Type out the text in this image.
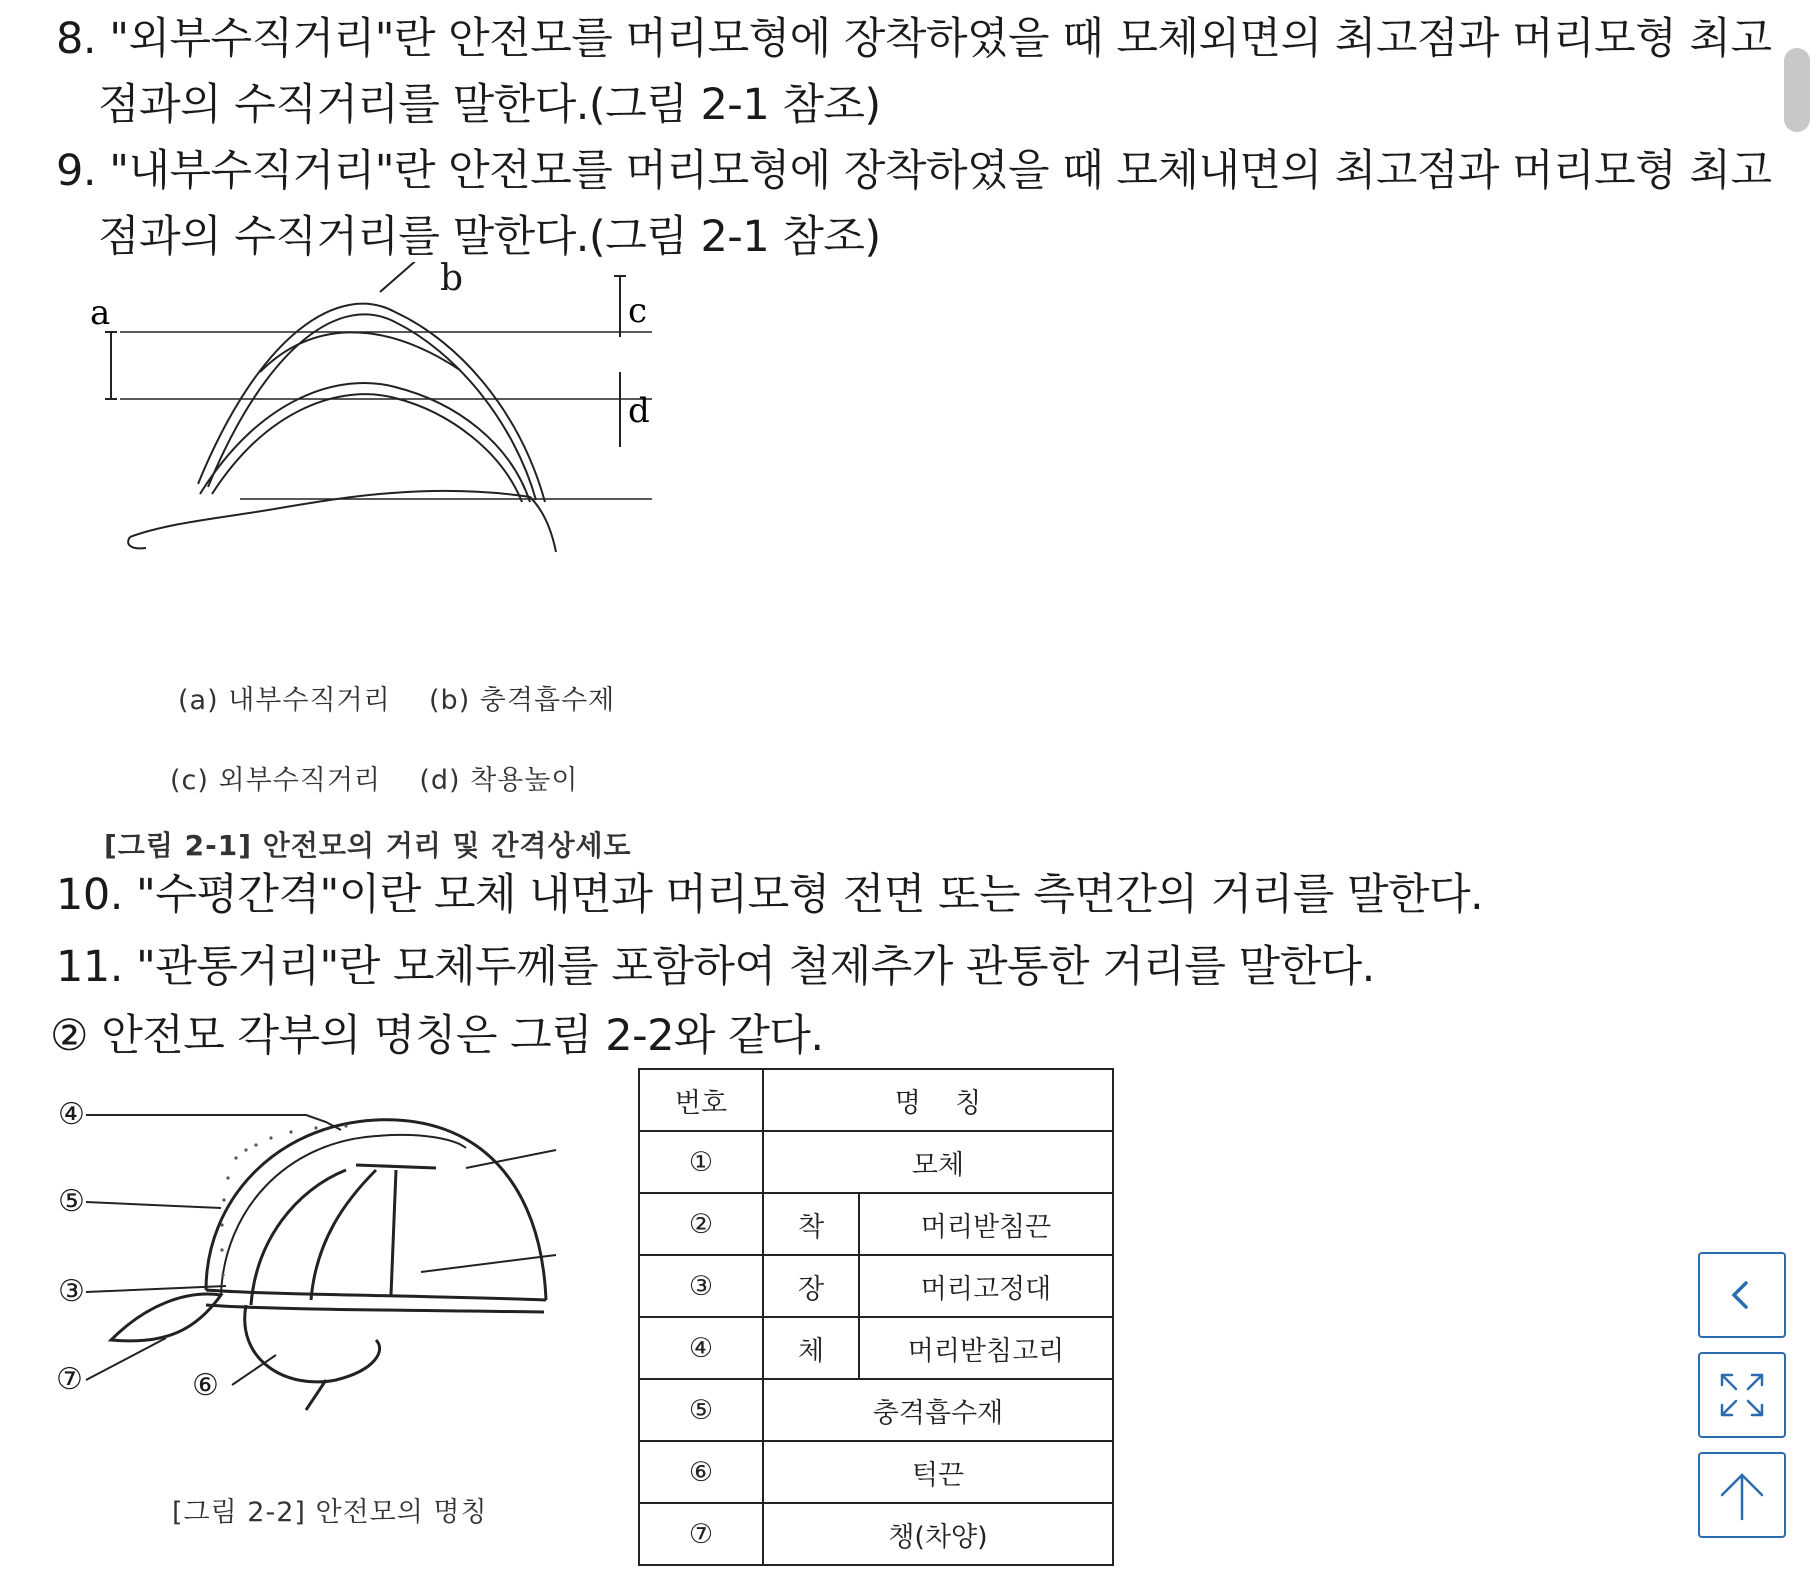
8. "외부수직거리"란 안전모를 머리모형에 장착하였을 때 모체외면의 최고점과 머리모형 최고
점과의 수직거리를 말한다.(그림 2-1 참조)
9. "내부수직거리"란 안전모를 머리모형에 장착하였을 때 모체내면의 최고점과 머리모형 최고
점과의 수직거리를 말한다.(그림 2-1 참조)
a	c
d
b
(a) 내부수직거리    (b) 충격흡수제
(c) 외부수직거리    (d) 착용높이
[그림 2-1] 안전모의 거리 및 간격상세도
10. "수평간격"이란 모체 내면과 머리모형 전면 또는 측면간의 거리를 말한다.
11. "관통거리"란 모체두께를 포함하여 철제추가 관통한 거리를 말한다.
② 안전모 각부의 명칭은 그림 2-2와 같다.
④
⑤
③
⑦	⑥
[그림 2-2] 안전모의 명칭
번호	명    칭	
①	모체	
②	착	머리받침끈
③	장	머리고정대
④	체	머리받침고리
⑤	충격흡수재	
⑥	턱끈	
⑦	챙(차양)	
